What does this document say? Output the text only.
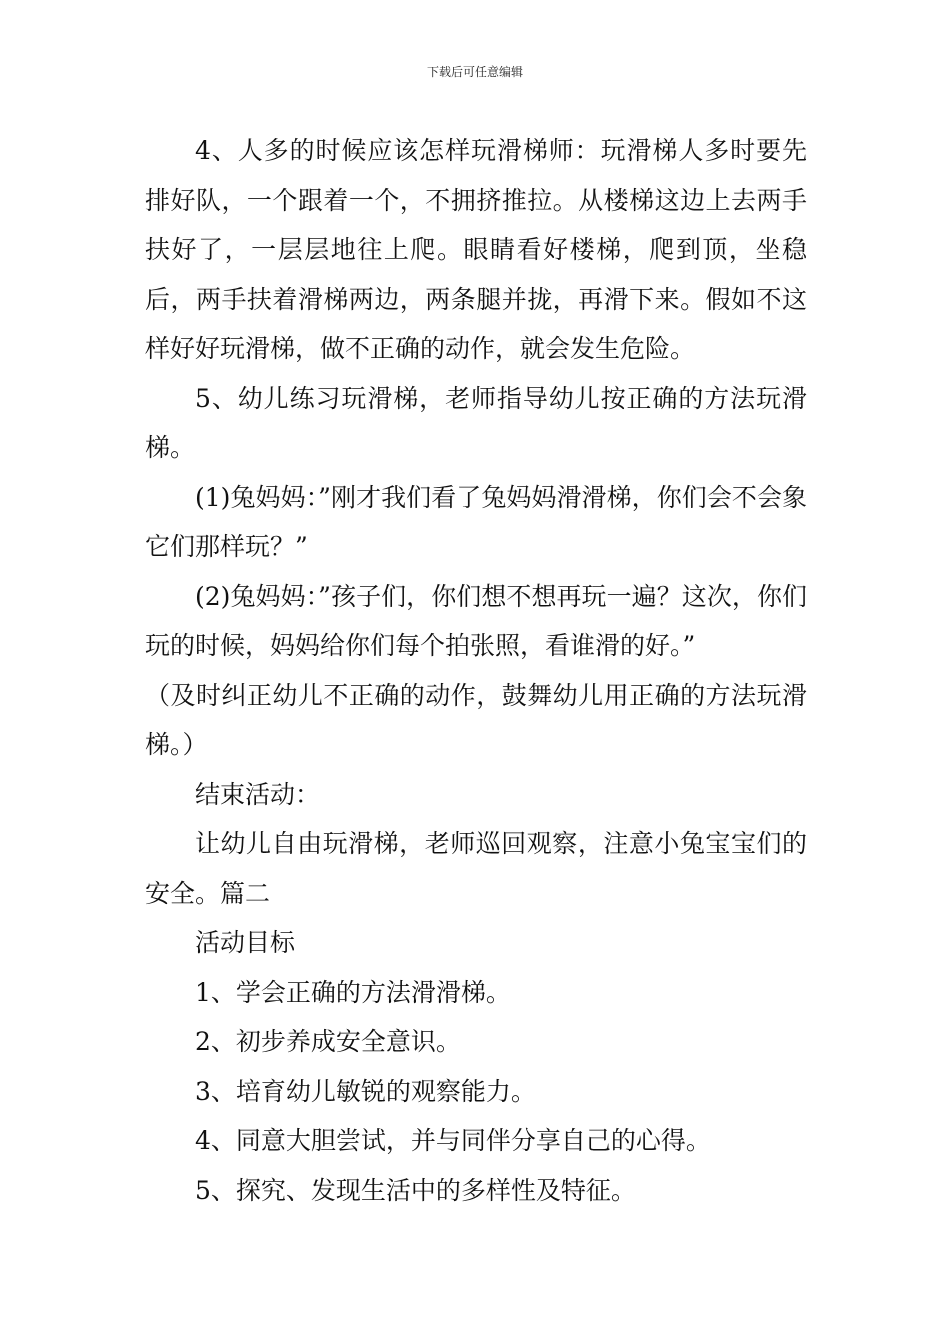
下载后可任意编辑

4、人多的时候应该怎样玩滑梯师：玩滑梯人多时要先排好队，一个跟着一个，不拥挤推拉。从楼梯这边上去两手扶好了，一层层地往上爬。眼睛看好楼梯，爬到顶，坐稳后，两手扶着滑梯两边，两条腿并拢，再滑下来。假如不这样好好玩滑梯，做不正确的动作，就会发生危险。

5、幼儿练习玩滑梯，老师指导幼儿按正确的方法玩滑梯。

(1)兔妈妈：”刚才我们看了兔妈妈滑滑梯，你们会不会象它们那样玩？”

(2)兔妈妈：”孩子们，你们想不想再玩一遍？这次，你们玩的时候，妈妈给你们每个拍张照，看谁滑的好。”

（及时纠正幼儿不正确的动作，鼓舞幼儿用正确的方法玩滑梯。）

结束活动：

让幼儿自由玩滑梯，老师巡回观察，注意小兔宝宝们的安全。篇二

活动目标

1、学会正确的方法滑滑梯。

2、初步养成安全意识。

3、培育幼儿敏锐的观察能力。

4、同意大胆尝试，并与同伴分享自己的心得。

5、探究、发现生活中的多样性及特征。
